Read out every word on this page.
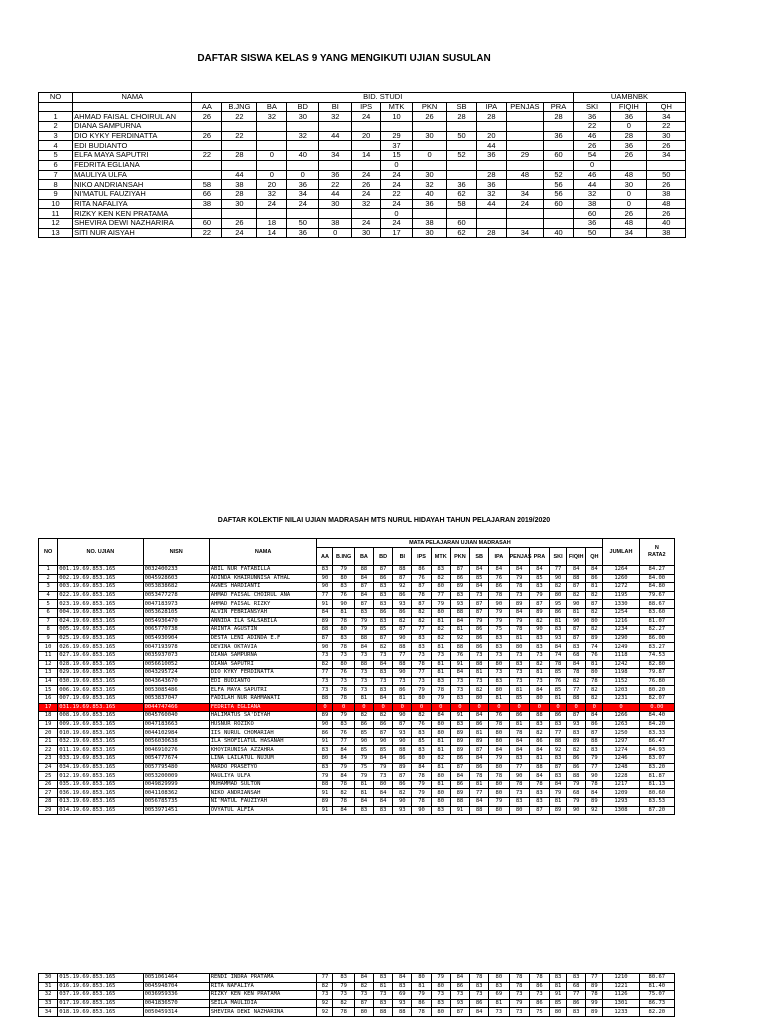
DAFTAR SISWA KELAS 9 YANG MENGIKUTI UJIAN SUSULAN
NO	NAMA	BID. STUDI												UAMBNBK		
		AA	B.JNG	BA	BD	BI	IPS	MTK	PKN	SB	IPA	PENJAS	PRA	SKI	FIQIH	QH
1	AHMAD FAISAL CHOIRUL AN	26	22	32	30	32	24	10	26	28	28		28	36	36	34
2	DIANA SAMPURNA													22	0	22
3	DIO KYKY FERDINATTA	26	22		32	44	20	29	30	50	20		36	46	28	30
4	EDI BUDIANTO							37			44			26	36	26
5	ELFA MAYA SAPUTRI	22	28	0	40	34	14	15	0	52	36	29	60	54	26	34
6	FEDRITA EGLIANA							0						0		
7	MAULIYA ULFA		44	0	0	36	24	24	30		28	48	52	46	48	50
8	NIKO ANDRIANSAH	58	38	20	36	22	26	24	32	36	36		56	44	30	26
9	NI'MATUL FAUZIYAH	66	28	32	34	44	24	22	40	62	32	34	56	32	0	38
10	RITA NAFALIYA	38	30	24	24	30	32	24	36	58	44	24	60	38	0	48
11	RIZKY KEN KEN PRATAMA							0						60	26	26
12	SHEVIRA DEWI NAZHARIRA	60	26	18	50	38	24	24	38	60				36	48	40
13	SITI NUR AISYAH	22	24	14	36	0	30	17	30	62	28	34	40	50	34	38
DAFTAR KOLEKTIF NILAI UJIAN MADRASAH MTS NURUL HIDAYAH TAHUN PELAJARAN 2019/2020
NO	NO. UJIAN	NISN	NAMA	MATA PELAJARAN UJIAN MADRASAH															JUMLAH	N
RATA2
				AA	B.ING	BA	BD	BI	IPS	MTK	PKN	SB	IPA	PENJAS	PRA	SKI	FIQIH	QH		
1	001.19.69.853.165	0032400233	ABIL NUR FATABILLA	83	79	88	87	88	86	83	87	84	84	84	84	77	84	84	1264	84.27
2	002.19.69.853.165	0045928603	ADINDA KHAIRUNNISA ATHAL	90	80	84	86	87	76	82	86	85	76	79	85	90	88	86	1260	84.00
3	003.19.69.853.165	0053838682	AGNES HARDIANTI	90	83	87	83	92	87	80	89	84	86	78	83	82	87	81	1272	84.80
4	022.19.69.853.165	0053477278	AHMAD FAISAL CHOIRUL ANA	77	76	84	83	86	78	77	83	73	78	73	79	80	82	82	1195	79.67
5	023.19.69.853.165	0047183973	AHMAD FAISAL RIZKY	91	90	87	83	93	87	79	93	87	90	89	87	95	90	87	1330	88.67
6	004.19.69.853.165	0053628105	ALVIN FEBRIANSYAH	84	81	83	86	86	82	80	88	87	79	84	89	86	81	82	1254	83.60
7	024.19.69.853.165	0054936470	ANNIDA ILA SALSABILA	89	78	79	83	82	82	81	84	79	79	79	82	81	90	80	1216	81.07
8	005.19.69.853.165	0065770738	ARINTA AGUSTIN	88	80	79	85	87	77	82	81	86	75	78	90	83	87	82	1234	82.27
9	025.19.69.853.165	0054930904	DESTA LENI ADINDA E.F	87	83	88	87	90	83	82	92	86	83	81	83	93	87	89	1290	86.00
10	026.19.69.853.165	0047193978	DEVINA OKTAVIA	90	78	84	82	88	83	81	88	86	83	80	83	84	83	74	1249	83.27
11	027.19.69.853.165	0035937073	DIANA SAMPURNA	73	73	73	73	77	73	73	76	73	73	73	73	74	68	76	1118	74.53
12	028.19.69.853.165	0056610052	DIANA SAPUTRI	82	80	88	84	88	78	81	91	88	80	83	82	78	84	81	1242	82.80
13	029.19.69.853.165	0043295724	DIO KYKY FERDINATTA	77	76	73	83	90	77	81	84	81	73	73	81	85	78	80	1198	79.87
14	030.19.69.853.165	0043643670	EDI BUDIANTO	73	73	73	73	73	73	83	73	73	83	73	73	76	82	78	1152	76.80
15	006.19.69.853.165	0053085486	ELFA MAYA SAPUTRI	73	78	73	83	86	79	78	73	82	80	81	84	85	77	82	1203	80.20
16	007.19.69.853.165	0053837047	FADILAH NUR RAHMAWATI	88	78	81	84	81	80	79	83	80	81	85	80	81	88	82	1231	82.07
17	031.19.69.853.165	0044747466	FEDRITA EGLIANA	0	0	0	0	0	0	0	0	0	0	0	0	0	0	0	0	0.00
18	008.19.69.853.165	0045760040	HALIMATUS SA'DIYAH	89	79	82	82	90	82	84	91	84	76	86	88	86	87	84	1266	84.40
19	009.19.69.853.165	0047183663	HUSNUR ROZIKO	90	83	86	86	87	76	80	83	86	78	81	83	83	93	86	1263	84.20
20	010.19.69.853.165	0044102984	IIS NURUL CHOMARIAH	86	76	85	87	93	83	80	89	81	80	78	82	77	83	87	1250	83.33
21	032.19.69.853.165	0056030638	ILA SHOFILATUL HASANAH	91	77	90	90	90	85	81	89	89	80	84	86	88	89	88	1297	86.47
22	011.19.69.853.165	0046910276	KHOYIRUNISA AZZAHRA	83	84	85	85	88	83	81	89	87	84	84	84	92	82	83	1274	84.93
23	033.19.69.853.165	0054777674	LINA LAILATUL NUJUM	80	84	79	84	86	80	82	86	84	79	83	81	83	86	79	1246	83.07
24	034.19.69.853.165	0057795480	MARDO PRASETYO	83	79	75	79	89	84	81	87	86	80	77	88	87	86	77	1248	83.20
25	012.19.69.853.165	0053200009	MAULIYA ULFA	79	84	79	73	87	78	80	84	78	78	90	84	83	88	90	1228	81.87
26	035.19.69.853.165	0049829999	MUHAMMAD SULTON	88	78	81	80	86	79	81	86	81	80	78	78	84	79	78	1217	81.13
27	036.19.69.853.165	0041108362	NIKO ANDRIANSAH	91	82	81	84	82	79	80	89	77	80	73	83	79	68	84	1209	80.60
28	013.19.69.853.165	0056785735	NI'MATUL FAUZIYAH	89	78	84	84	90	78	80	88	84	79	83	83	81	79	89	1293	83.53
29	014.19.69.853.165	0053971451	OVYATUL ALFIA	91	84	83	83	93	90	83	91	88	80	80	87	89	90	92	1308	87.20
30	015.19.69.853.165	0051061464	RENDI INDRA PRATAMA	77	83	84	83	84	80	79	84	78	80	78	78	83	83	77	1210	80.67
31	016.19.69.853.165	0045948704	RITA NAFALIYA	82	79	82	81	83	81	80	86	83	83	78	86	81	68	89	1221	81.40
32	037.19.69.853.165	0036959336	RIZKY KEN KEN PRATAMA	73	73	73	73	69	79	73	73	73	69	73	73	91	77	78	1126	75.07
33	017.19.69.853.165	0041836570	SEILA MAULIDIA	92	82	87	83	93	86	83	93	86	81	79	86	85	86	99	1301	86.73
34	018.19.69.853.165	0050459314	SHEVIRA DEWI NAZHARINA	92	78	80	88	88	78	80	87	84	73	73	75	80	83	89	1233	82.20
